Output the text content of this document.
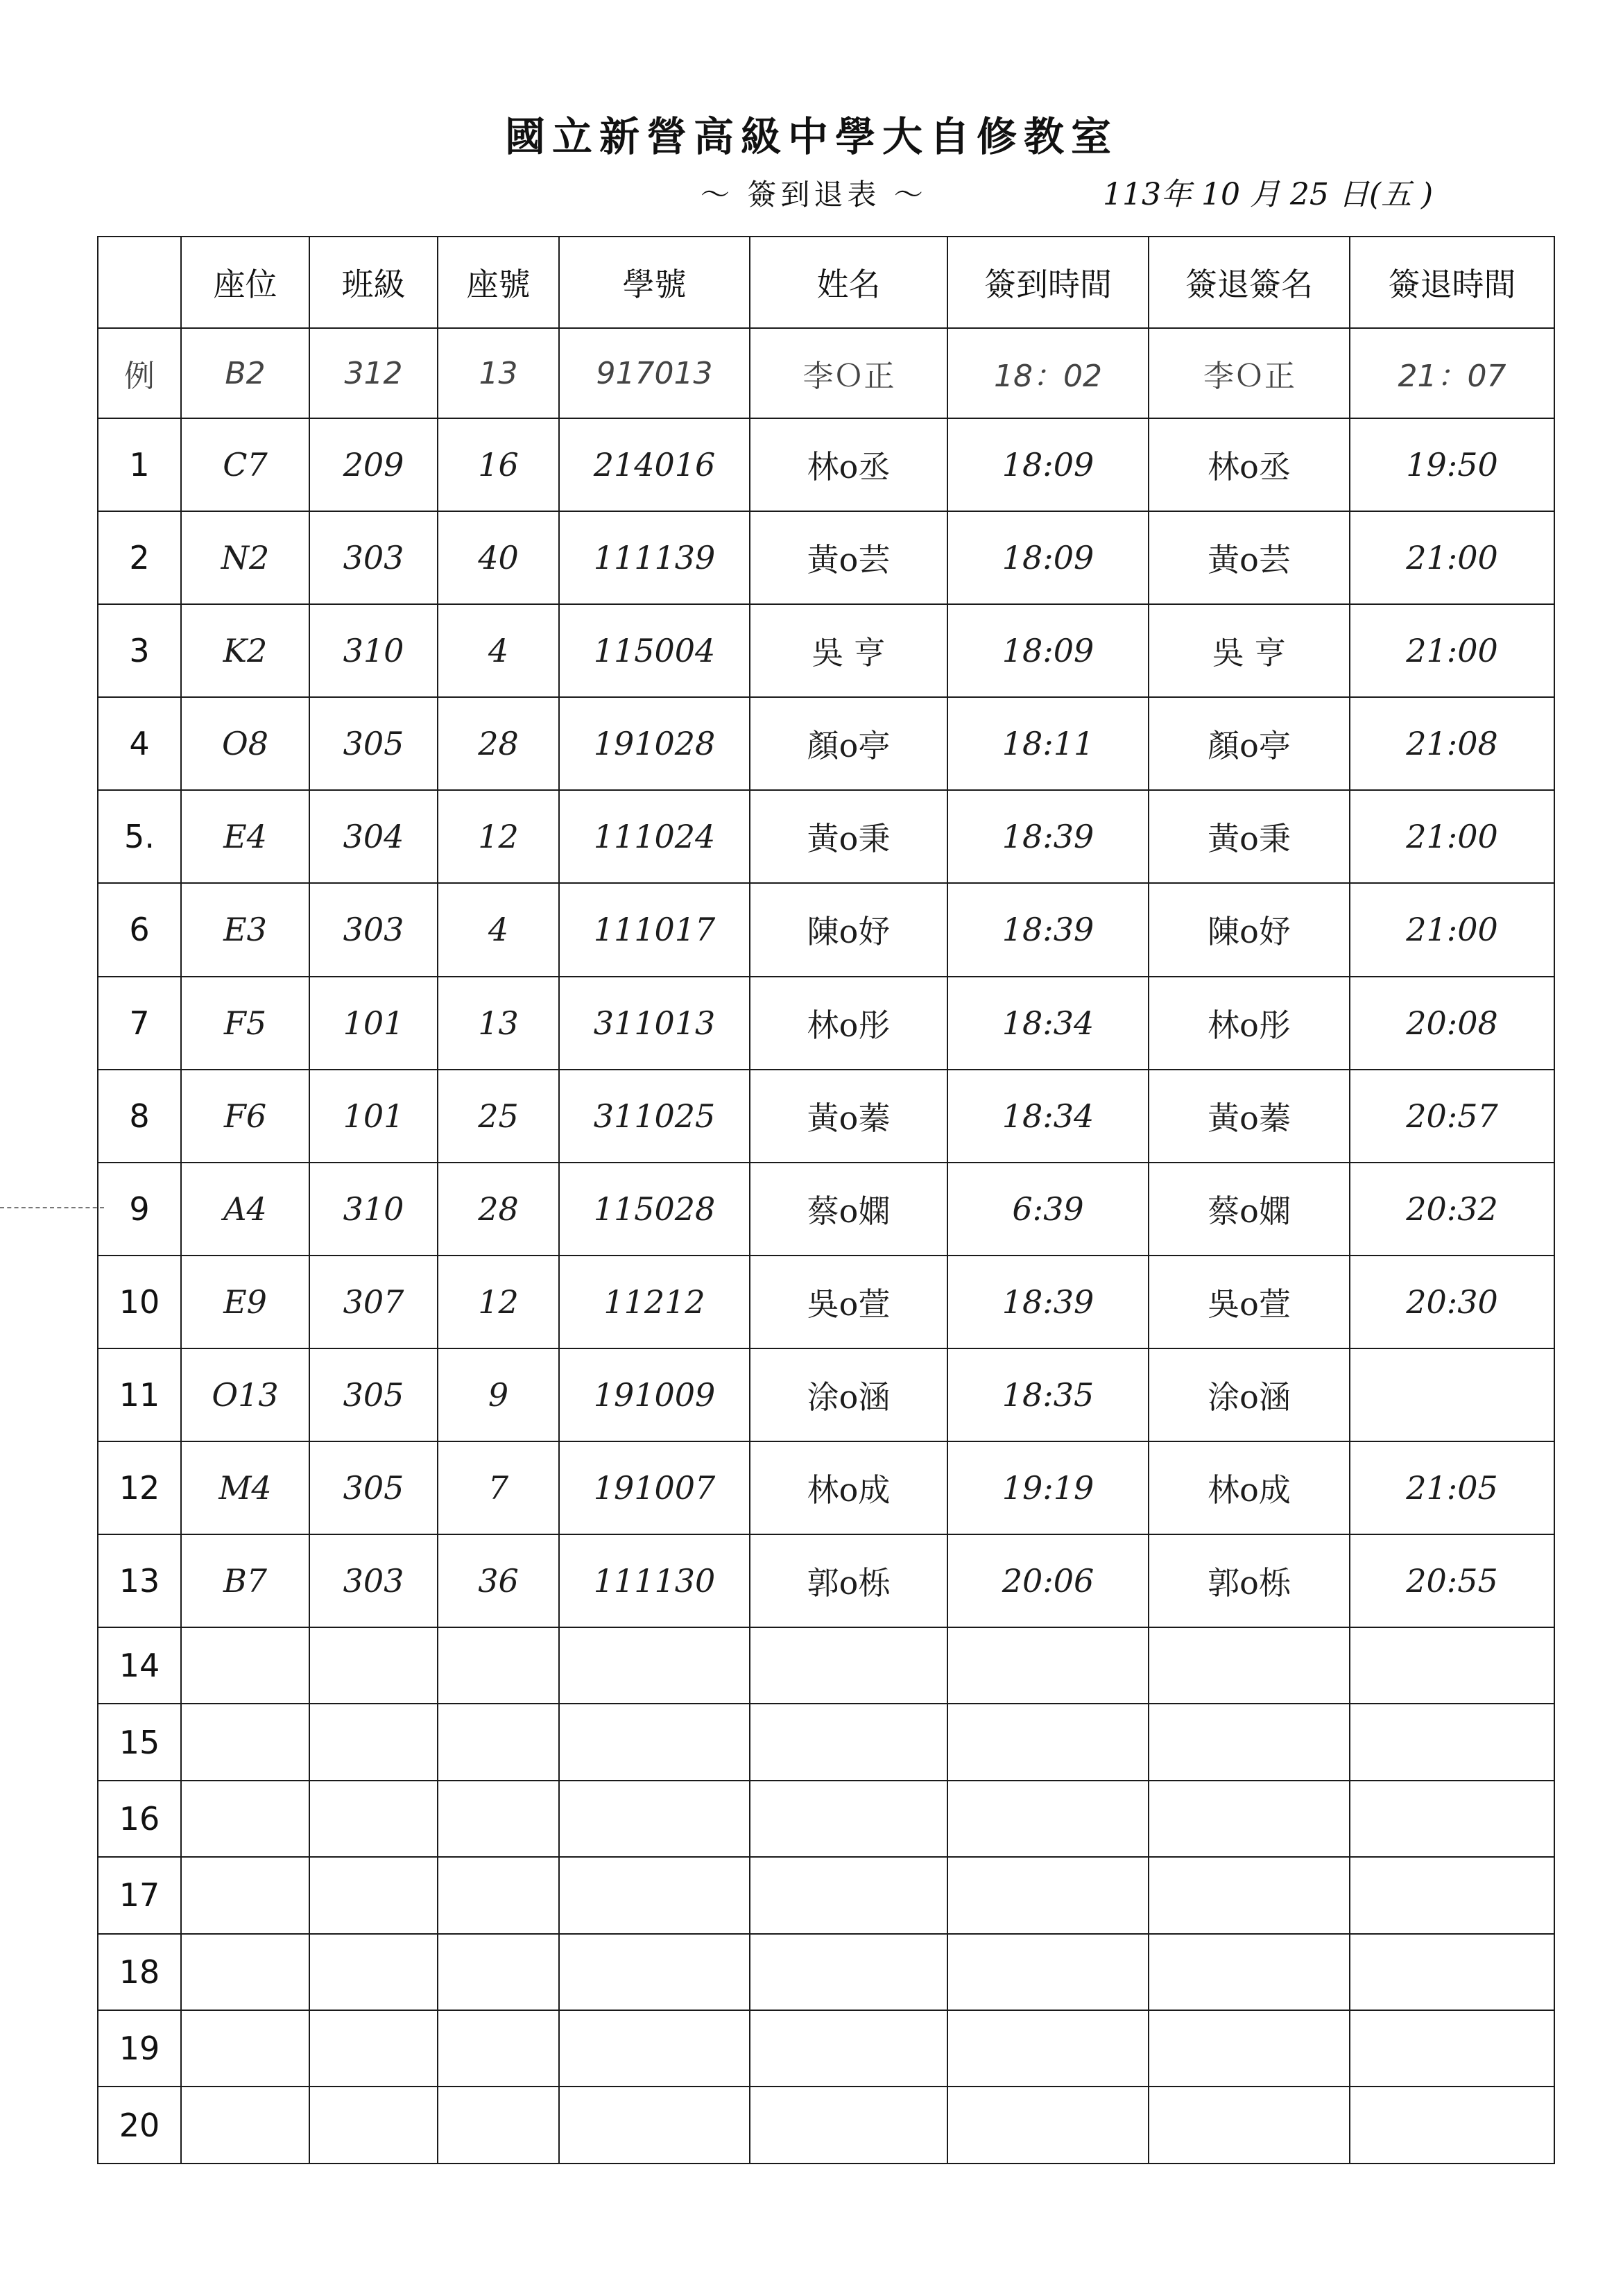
國立新營高級中學大自修教室
～ 簽到退表 ～	113年 10 月 25 日(五 )
	座位	班級	座號	學號	姓名	簽到時間	簽退簽名	簽退時間
例	B2	312	13	917013	李Ｏ正	18：02	李Ｏ正	21：07
1	C7	209	16	214016	林o丞	18:09	林o丞	19:50
2	N2	303	40	111139	黃o芸	18:09	黃o芸	21:00
3	K2	310	4	115004	吳 亨	18:09	吳 亨	21:00
4	O8	305	28	191028	顏o亭	18:11	顏o亭	21:08
5.	E4	304	12	111024	黃o秉	18:39	黃o秉	21:00
6	E3	303	4	111017	陳o妤	18:39	陳o妤	21:00
7	F5	101	13	311013	林o彤	18:34	林o彤	20:08
8	F6	101	25	311025	黃o蓁	18:34	黃o蓁	20:57
9	A4	310	28	115028	蔡o嫻	6:39	蔡o嫻	20:32
10	E9	307	12	11212	吳o萱	18:39	吳o萱	20:30
11	O13	305	9	191009	涂o涵	18:35	涂o涵	
12	M4	305	7	191007	林o成	19:19	林o成	21:05
13	B7	303	36	111130	郭o栎	20:06	郭o栎	20:55
14								
15								
16								
17								
18								
19								
20								
